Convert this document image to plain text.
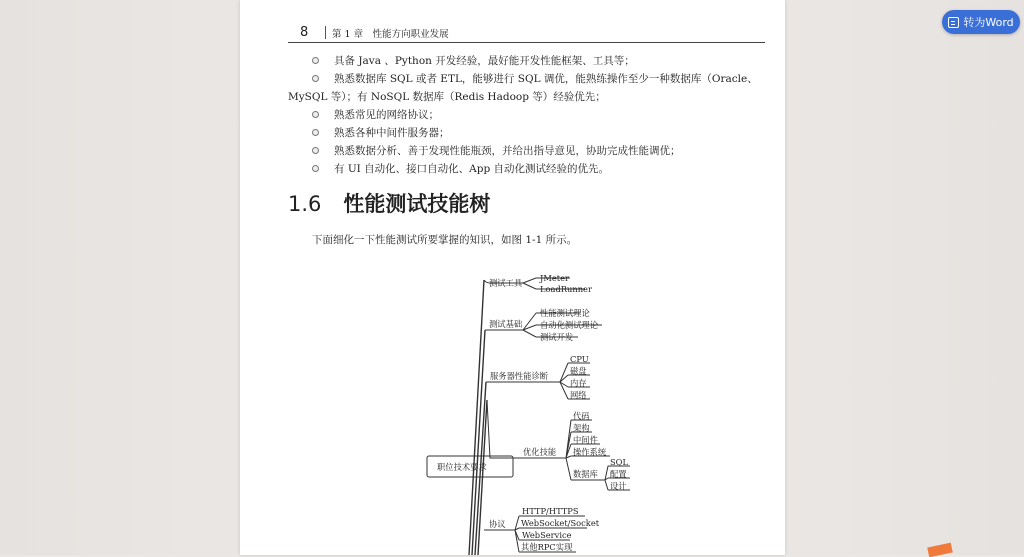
8 第 1 章　性能方向职业发展
具备 Java 、Python 开发经验，最好能开发性能框架、工具等；
熟悉数据库 SQL 或者 ETL，能够进行 SQL 调优，能熟练操作至少一种数据库（Oracle、
MySQL 等）；有 NoSQL 数据库（Redis Hadoop 等）经验优先；
熟悉常见的网络协议；
熟悉各种中间件服务器；
熟悉数据分析、善于发现性能瓶颈，并给出指导意见，协助完成性能调优；
有 UI 自动化、接口自动化、App 自动化测试经验的优先。
1.6 性能测试技能树
下面细化一下性能测试所要掌握的知识，如图 1-1 所示。
职位技术要求
测试工具 JMeter
LoadRunner
测试基础
性能测试理论
自动化测试理论
测试开发
服务器性能诊断
CPU
磁盘
内存
网络
优化技能
代码
架构
中间件
操作系统
数据库
SQL
配置
设计
协议
HTTP/HTTPS
WebSocket/Socket
WebService
其他RPC实现
转为Word
